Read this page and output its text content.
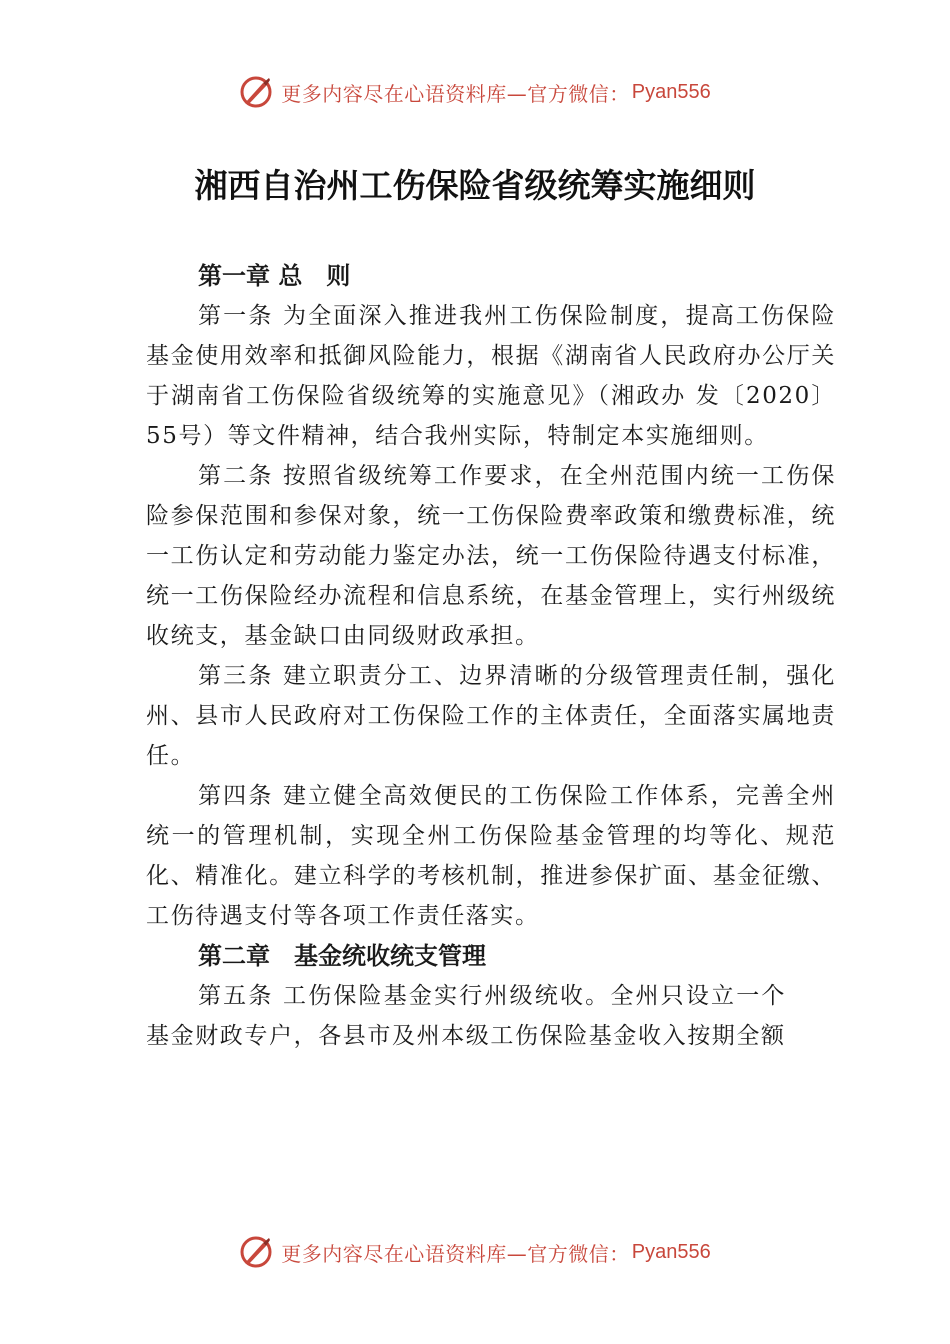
更多内容尽在心语资料库—官方微信： Pyan556
湘西自治州工伤保险省级统筹实施细则

第一章 总　则

第一条 为全面深入推进我州工伤保险制度，提高工伤保险基金使用效率和抵御风险能力，根据《湖南省人民政府办公厅关于湖南省工伤保险省级统筹的实施意见》（湘政办 发〔2020〕55号）等文件精神，结合我州实际，特制定本实施细则。

第二条 按照省级统筹工作要求，在全州范围内统一工伤保险参保范围和参保对象，统一工伤保险费率政策和缴费标准，统一工伤认定和劳动能力鉴定办法，统一工伤保险待遇支付标准，统一工伤保险经办流程和信息系统，在基金管理上，实行州级统收统支，基金缺口由同级财政承担。

第三条 建立职责分工、边界清晰的分级管理责任制，强化州、县市人民政府对工伤保险工作的主体责任，全面落实属地责任。

第四条 建立健全高效便民的工伤保险工作体系，完善全州统一的管理机制，实现全州工伤保险基金管理的均等化、规范化、精准化。建立科学的考核机制，推进参保扩面、基金征缴、工伤待遇支付等各项工作责任落实。

第二章　基金统收统支管理

第五条 工伤保险基金实行州级统收。全州只设立一个基金财政专户，各县市及州本级工伤保险基金收入按期全额

更多内容尽在心语资料库—官方微信： Pyan556
